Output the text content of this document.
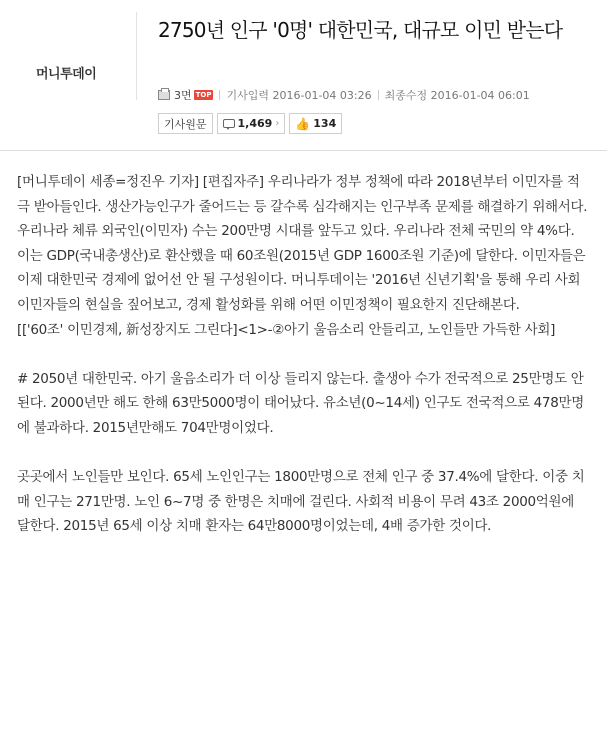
머니투데이
2750년 인구 '0명' 대한민국, 대규모 이민 받는다
3면 TOP 기사입력 2016-01-04 03:26 최종수정 2016-01-04 06:01
기사원문	1,469 › 👍 134

[머니투데이 세종=정진우 기자] [편집자주] 우리나라가 정부 정책에 따라 2018년부터 이민자를 적극 받아들인다. 생산가능인구가 줄어드는 등 갈수록 심각해지는 인구부족 문제를 해결하기 위해서다. 우리나라 체류 외국인(이민자) 수는 200만명 시대를 앞두고 있다. 우리나라 전체 국민의 약 4%다. 이는 GDP(국내총생산)로 환산했을 때 60조원(2015년 GDP 1600조원 기준)에 달한다. 이민자들은 이제 대한민국 경제에 없어선 안 될 구성원이다. 머니투데이는 '2016년 신년기획'을 통해 우리 사회 이민자들의 현실을 짚어보고, 경제 활성화를 위해 어떤 이민정책이 필요한지 진단해본다.

[['60조' 이민경제, 新성장지도 그린다]<1>-②아기 울음소리 안들리고, 노인들만 가득한 사회]

# 2050년 대한민국. 아기 울음소리가 더 이상 들리지 않는다. 출생아 수가 전국적으로 25만명도 안된다. 2000년만 해도 한해 63만5000명이 태어났다. 유소년(0~14세) 인구도 전국적으로 478만명에 불과하다. 2015년만해도 704만명이었다.

곳곳에서 노인들만 보인다. 65세 노인인구는 1800만명으로 전체 인구 중 37.4%에 달한다. 이중 치매 인구는 271만명. 노인 6~7명 중 한명은 치매에 걸린다. 사회적 비용이 무려 43조 2000억원에 달한다. 2015년 65세 이상 치매 환자는 64만8000명이었는데, 4배 증가한 것이다.
